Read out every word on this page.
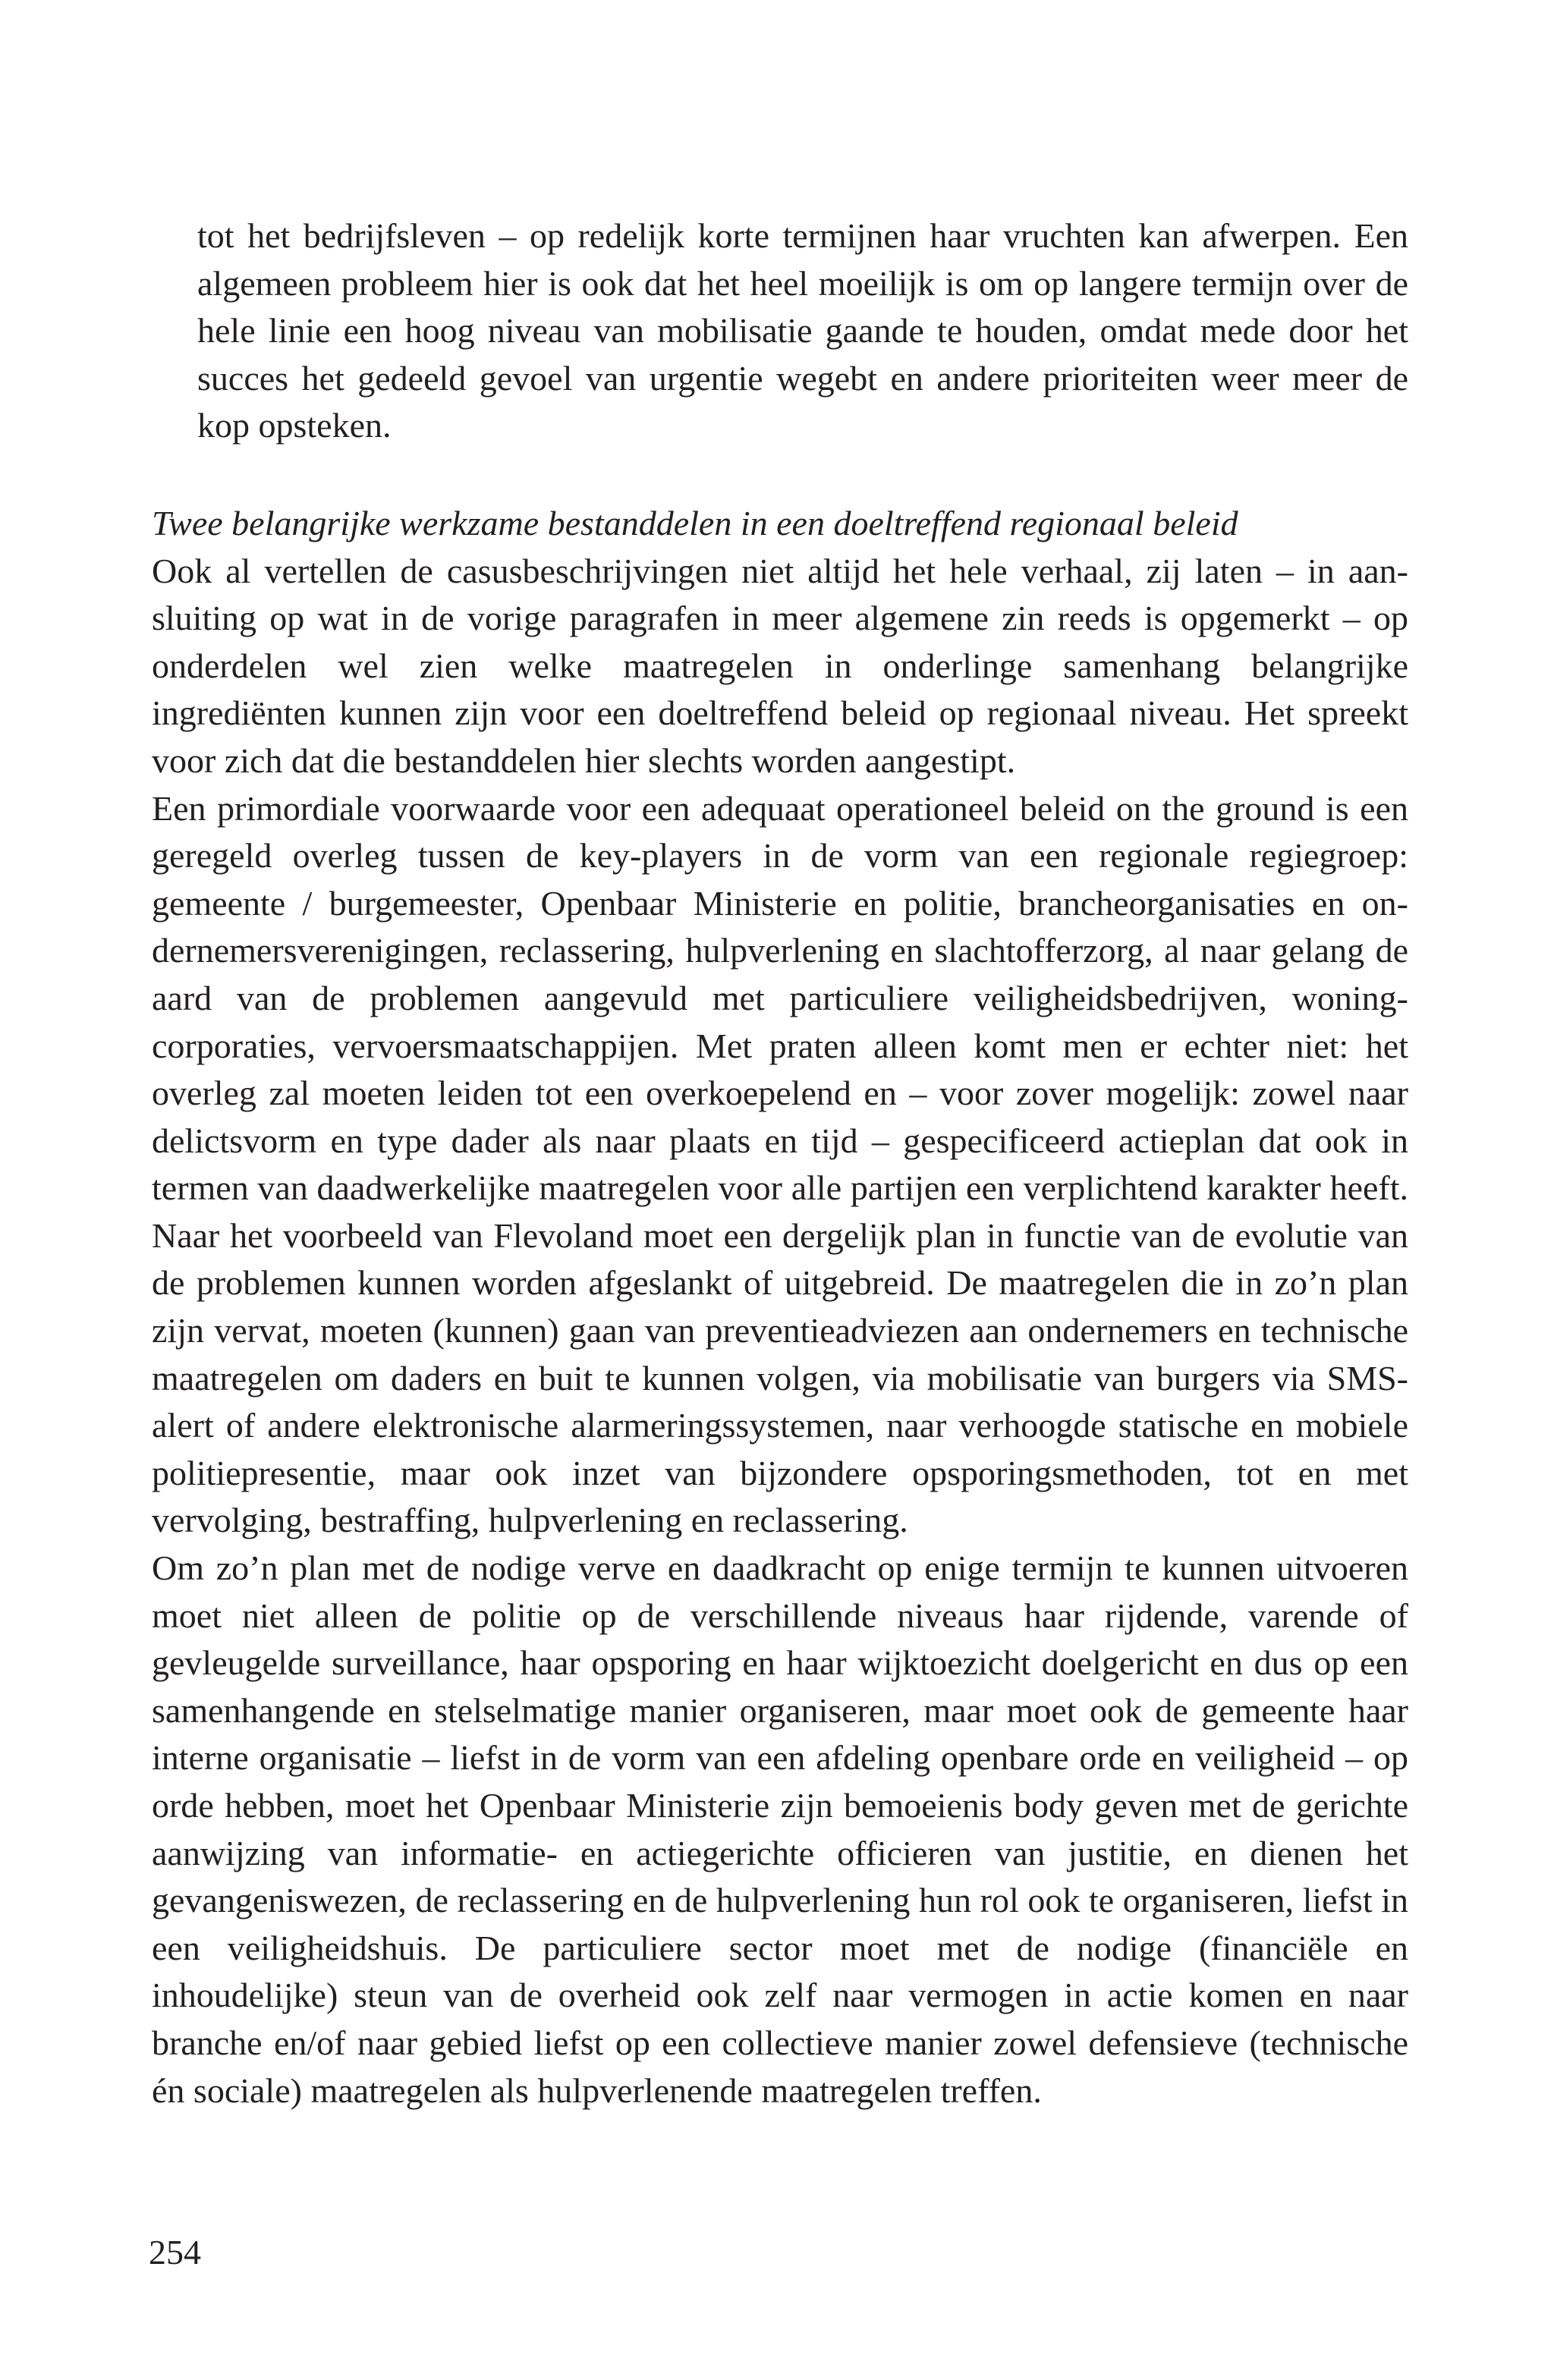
tot het bedrijfsleven – op redelijk korte termijnen haar vruchten kan afwerpen. Een algemeen probleem hier is ook dat het heel moeilijk is om op langere termijn over de hele linie een hoog niveau van mobilisatie gaande te houden, omdat mede door het succes het gedeeld gevoel van urgentie wegebt en andere prioriteiten weer meer de kop opsteken.

Twee belangrijke werkzame bestanddelen in een doeltreffend regionaal beleid

Ook al vertellen de casusbeschrijvingen niet altijd het hele verhaal, zij laten – in aansluiting op wat in de vorige paragrafen in meer algemene zin reeds is opgemerkt – op onderdelen wel zien welke maatregelen in onderlinge samenhang belangrijke ingrediënten kunnen zijn voor een doeltreffend beleid op regionaal niveau. Het spreekt voor zich dat die bestanddelen hier slechts worden aangestipt.

Een primordiale voorwaarde voor een adequaat operationeel beleid on the ground is een geregeld overleg tussen de key-players in de vorm van een regionale regiegroep: gemeente / burgemeester, Openbaar Ministerie en politie, brancheorganisaties en ondernemersverenigingen, reclassering, hulpverlening en slachtofferzorg, al naar gelang de aard van de problemen aangevuld met particuliere veiligheidsbedrijven, woningcorporaties, vervoersmaatschappijen. Met praten alleen komt men er echter niet: het overleg zal moeten leiden tot een overkoepelend en – voor zover mogelijk: zowel naar delictsvorm en type dader als naar plaats en tijd – gespecificeerd actieplan dat ook in termen van daadwerkelijke maatregelen voor alle partijen een verplichtend karakter heeft. Naar het voorbeeld van Flevoland moet een dergelijk plan in functie van de evolutie van de problemen kunnen worden afgeslankt of uitgebreid. De maatregelen die in zo’n plan zijn vervat, moeten (kunnen) gaan van preventieadviezen aan ondernemers en technische maatregelen om daders en buit te kunnen volgen, via mobilisatie van burgers via SMS-alert of andere elektronische alarmeringssystemen, naar verhoogde statische en mobiele politiepresentie, maar ook inzet van bijzondere opsporingsmethoden, tot en met vervolging, bestraffing, hulpverlening en reclassering.

Om zo’n plan met de nodige verve en daadkracht op enige termijn te kunnen uitvoeren moet niet alleen de politie op de verschillende niveaus haar rijdende, varende of gevleugelde surveillance, haar opsporing en haar wijktoezicht doelgericht en dus op een samenhangende en stelselmatige manier organiseren, maar moet ook de gemeente haar interne organisatie – liefst in de vorm van een afdeling openbare orde en veiligheid – op orde hebben, moet het Openbaar Ministerie zijn bemoeienis body geven met de gerichte aanwijzing van informatie- en actiegerichte officieren van justitie, en dienen het gevangeniswezen, de reclassering en de hulpverlening hun rol ook te organiseren, liefst in een veiligheidshuis. De particuliere sector moet met de nodige (financiële en inhoudelijke) steun van de overheid ook zelf naar vermogen in actie komen en naar branche en/of naar gebied liefst op een collectieve manier zowel defensieve (technische én sociale) maatregelen als hulpverlenende maatregelen treffen.

254
